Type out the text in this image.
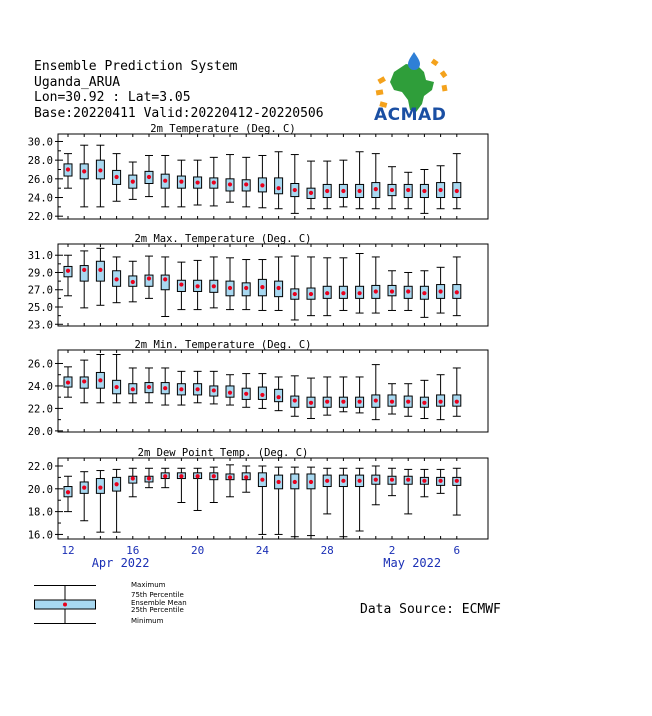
Ensemble Prediction System
Uganda_ARUA
Lon=30.92 : Lat=3.05
Base:20220411 Valid:20220412-20220506	ACMAD
2m Temperature (Deg. C)
22.0
24.0
26.0
28.0
30.0
2m Max. Temperature (Deg. C)
23.0
25.0
27.0
29.0
31.0
2m Min. Temperature (Deg. C)
20.0
22.0
24.0
26.0
2m Dew Point Temp. (Deg. C)
16.0
18.0
20.0
22.0
12	16	20	24	28	2	6
Apr 2022	May 2022
Maximum
75th Percentile
Ensemble Mean
25th Percentile
Minimum
Data Source: ECMWF
